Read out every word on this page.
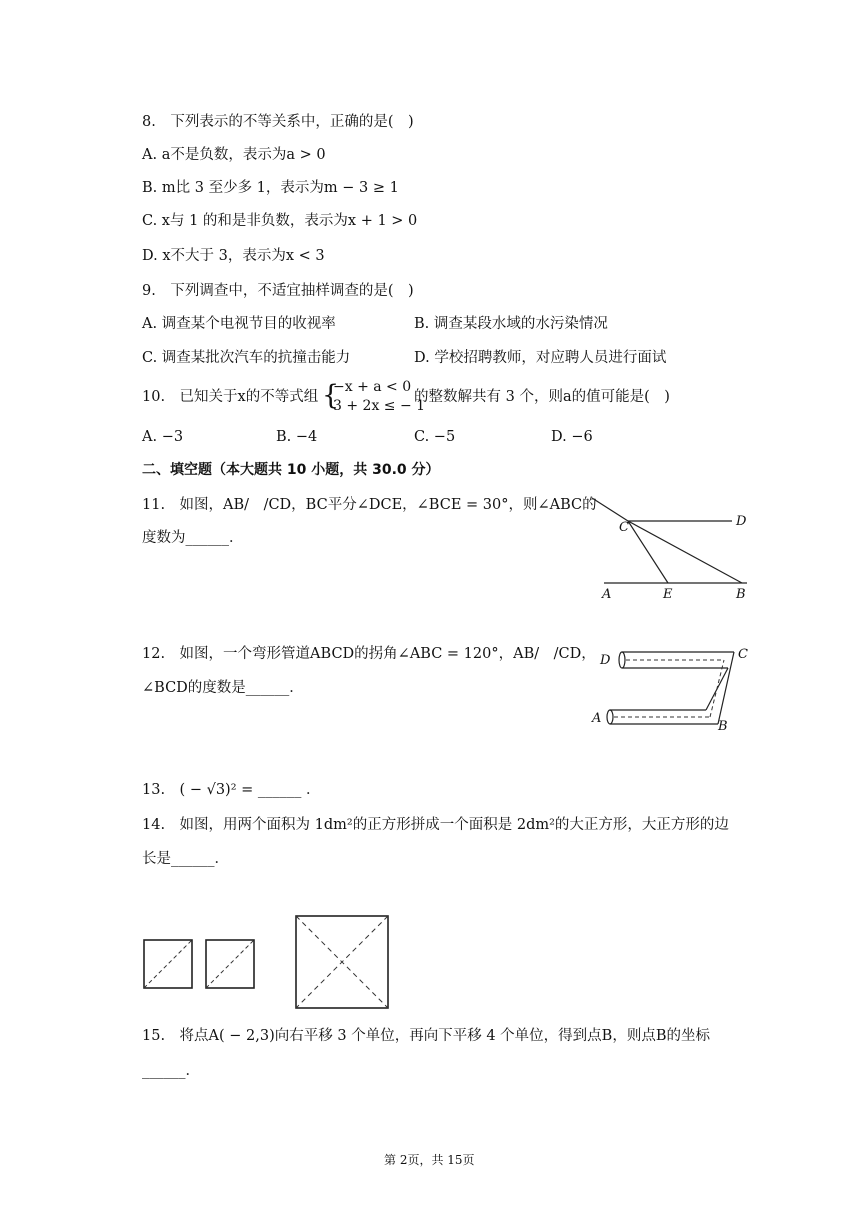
8.　下列表示的不等关系中，正确的是(　)
A. a不是负数，表示为a > 0
B. m比 3 至少多 1，表示为m − 3 ≥ 1
C. x与 1 的和是非负数，表示为x + 1 > 0
D. x不大于 3，表示为x < 3
9.　下列调查中，不适宜抽样调查的是(　)
A. 调查某个电视节目的收视率	B. 调查某段水域的水污染情况
C. 调查某批次汽车的抗撞击能力	D. 学校招聘教师，对应聘人员进行面试
10.　已知关于x的不等式组 {
−x + a < 0
3 + 2x ≤ − 1
的整数解共有 3 个，则a的值可能是(　)
A. −3	B. −4	C. −5	D. −6
二、填空题（本大题共 10 小题，共 30.0 分）
11.　如图，AB/　/CD，BC平分∠DCE，∠BCE = 30°，则∠ABC的
度数为______．
C	D
A	E	B
12.　如图，一个弯形管道ABCD的拐角∠ABC = 120°，AB/　/CD，
∠BCD的度数是______．
D	C
A
B
13.　( − √3)² = ______ ．
14.　如图，用两个面积为 1dm²的正方形拼成一个面积是 2dm²的大正方形，大正方形的边
长是______．
15.　将点A( − 2,3)向右平移 3 个单位，再向下平移 4 个单位，得到点B，则点B的坐标
______．
第 2页，共 15页
